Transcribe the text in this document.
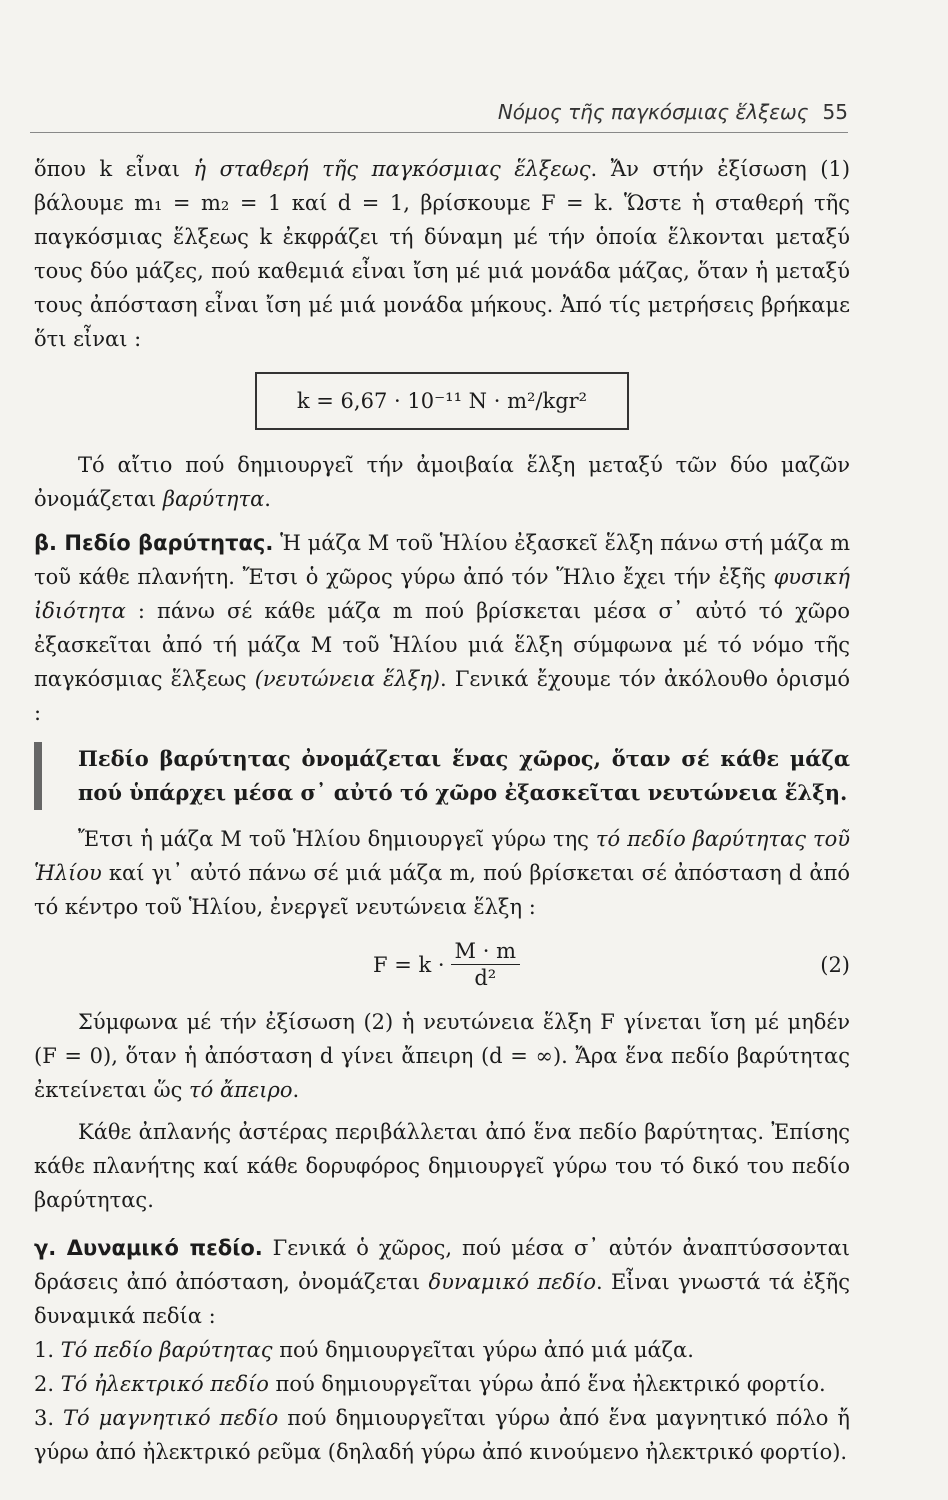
Νόμος τῆς παγκόσμιας ἕλξεως 55

ὅπου k εἶναι ἡ σταθερή τῆς παγκόσμιας ἕλξεως. Ἄν στήν ἐξίσωση (1) βάλουμε m₁ = m₂ = 1 καί d = 1, βρίσκουμε F = k. Ὥστε ἡ σταθερή τῆς παγκόσμιας ἕλξεως k ἐκφράζει τή δύναμη μέ τήν ὁποία ἕλκονται μεταξύ τους δύο μάζες, πού καθεμιά εἶναι ἴση μέ μιά μονάδα μάζας, ὅταν ἡ μεταξύ τους ἀπόσταση εἶναι ἴση μέ μιά μονάδα μήκους. Ἀπό τίς μετρήσεις βρήκαμε ὅτι εἶναι :

k = 6,67 · 10⁻¹¹ N · m²/kgr²

Τό αἴτιο πού δημιουργεῖ τήν ἀμοιβαία ἕλξη μεταξύ τῶν δύο μαζῶν ὀνομάζεται βαρύτητα.

β. Πεδίο βαρύτητας. Ἡ μάζα M τοῦ Ἡλίου ἐξασκεῖ ἕλξη πάνω στή μάζα m τοῦ κάθε πλανήτη. Ἔτσι ὁ χῶρος γύρω ἀπό τόν Ἥλιο ἔχει τήν ἐξῆς φυσική ἰδιότητα : πάνω σέ κάθε μάζα m πού βρίσκεται μέσα σ᾽ αὐτό τό χῶρο ἐξασκεῖται ἀπό τή μάζα M τοῦ Ἡλίου μιά ἕλξη σύμφωνα μέ τό νόμο τῆς παγκόσμιας ἕλξεως (νευτώνεια ἕλξη). Γενικά ἔχουμε τόν ἀκόλουθο ὁρισμό :

Πεδίο βαρύτητας ὀνομάζεται ἕνας χῶρος, ὅταν σέ κάθε μάζα πού ὑπάρχει μέσα σ᾽ αὐτό τό χῶρο ἐξασκεῖται νευτώνεια ἕλξη.

Ἔτσι ἡ μάζα M τοῦ Ἡλίου δημιουργεῖ γύρω της τό πεδίο βαρύτητας τοῦ Ἡλίου καί γι᾽ αὐτό πάνω σέ μιά μάζα m, πού βρίσκεται σέ ἀπόσταση d ἀπό τό κέντρο τοῦ Ἡλίου, ἐνεργεῖ νευτώνεια ἕλξη :

$F = k \cdot \frac{M \cdot m}{\text{d²}}$	(2)

Σύμφωνα μέ τήν ἐξίσωση (2) ἡ νευτώνεια ἕλξη F γίνεται ἴση μέ μηδέν (F = 0), ὅταν ἡ ἀπόσταση d γίνει ἄπειρη (d = ∞). Ἄρα ἕνα πεδίο βαρύτητας ἐκτείνεται ὥς τό ἄπειρο.

Κάθε ἀπλανής ἀστέρας περιβάλλεται ἀπό ἕνα πεδίο βαρύτητας. Ἐπίσης κάθε πλανήτης καί κάθε δορυφόρος δημιουργεῖ γύρω του τό δικό του πεδίο βαρύτητας.

γ. Δυναμικό πεδίο. Γενικά ὁ χῶρος, πού μέσα σ᾽ αὐτόν ἀναπτύσσονται δράσεις ἀπό ἀπόσταση, ὀνομάζεται δυναμικό πεδίο. Εἶναι γνωστά τά ἐξῆς δυναμικά πεδία :

1. Τό πεδίο βαρύτητας πού δημιουργεῖται γύρω ἀπό μιά μάζα.
2. Τό ἠλεκτρικό πεδίο πού δημιουργεῖται γύρω ἀπό ἕνα ἠλεκτρικό φορτίο.
3. Τό μαγνητικό πεδίο πού δημιουργεῖται γύρω ἀπό ἕνα μαγνητικό πόλο ἤ γύρω ἀπό ἠλεκτρικό ρεῦμα (δηλαδή γύρω ἀπό κινούμενο ἠλεκτρικό φορτίο).
